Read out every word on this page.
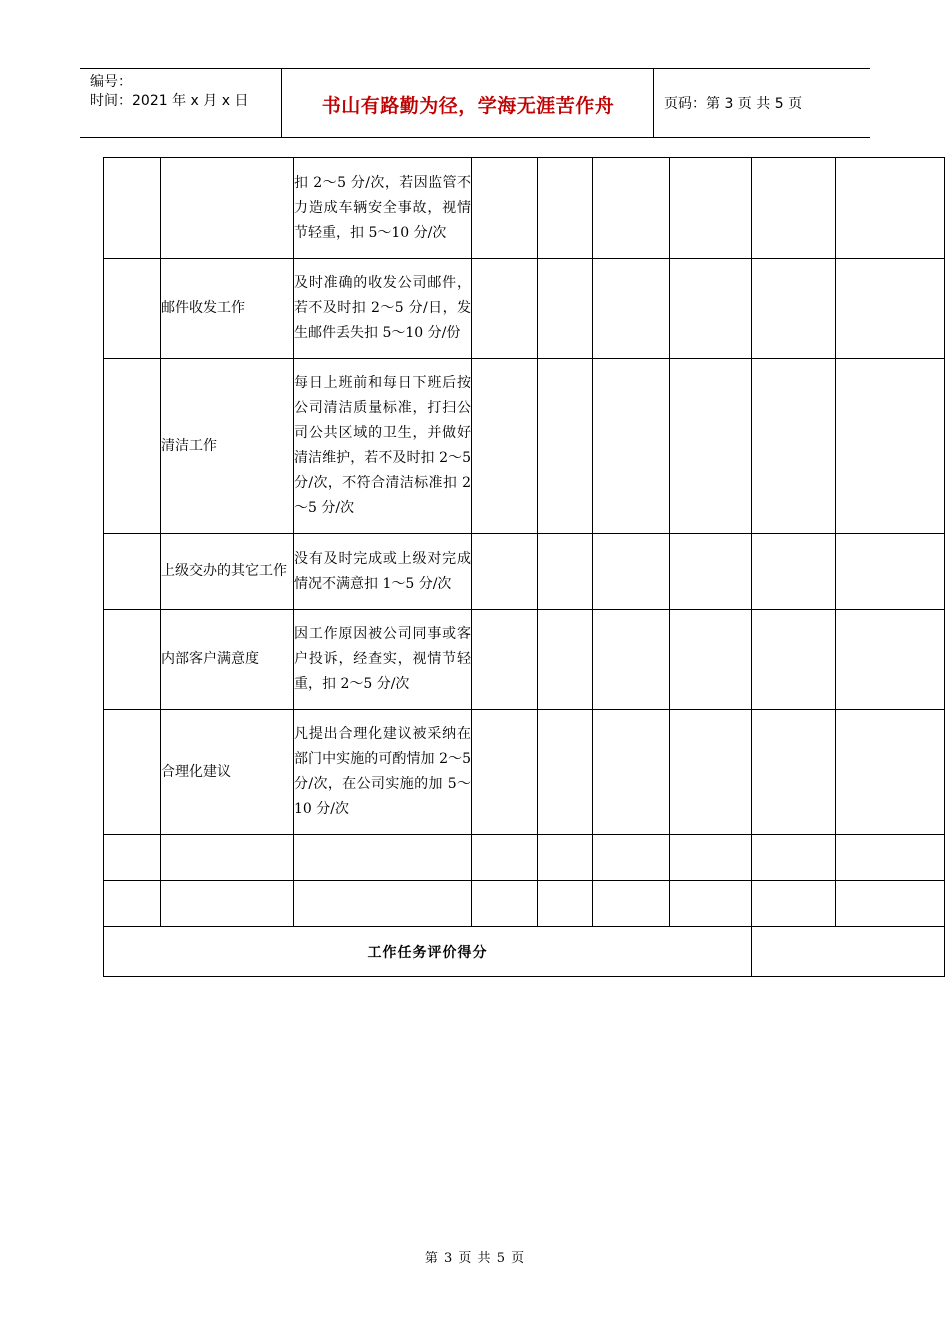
编号：
时间：2021 年 x 月 x 日	书山有路勤为径，学海无涯苦作舟	页码：第 3 页 共 5 页
		扣 2～5 分/次，若因监管不力造成车辆安全事故，视情节轻重，扣 5～10 分/次						
	邮件收发工作	及时准确的收发公司邮件，若不及时扣 2～5 分/日，发生邮件丢失扣 5～10 分/份						
	清洁工作	每日上班前和每日下班后按公司清洁质量标准，打扫公司公共区域的卫生，并做好清洁维护，若不及时扣 2～5 分/次，不符合清洁标准扣 2～5 分/次						
	上级交办的其它工作	没有及时完成或上级对完成情况不满意扣 1～5 分/次						
	内部客户满意度	因工作原因被公司同事或客户投诉，经查实，视情节轻重，扣 2～5 分/次						
	合理化建议	凡提出合理化建议被采纳在部门中实施的可酌情加 2～5 分/次，在公司实施的加 5～10 分/次						

工作任务评价得分								
第 3 页 共 5 页
